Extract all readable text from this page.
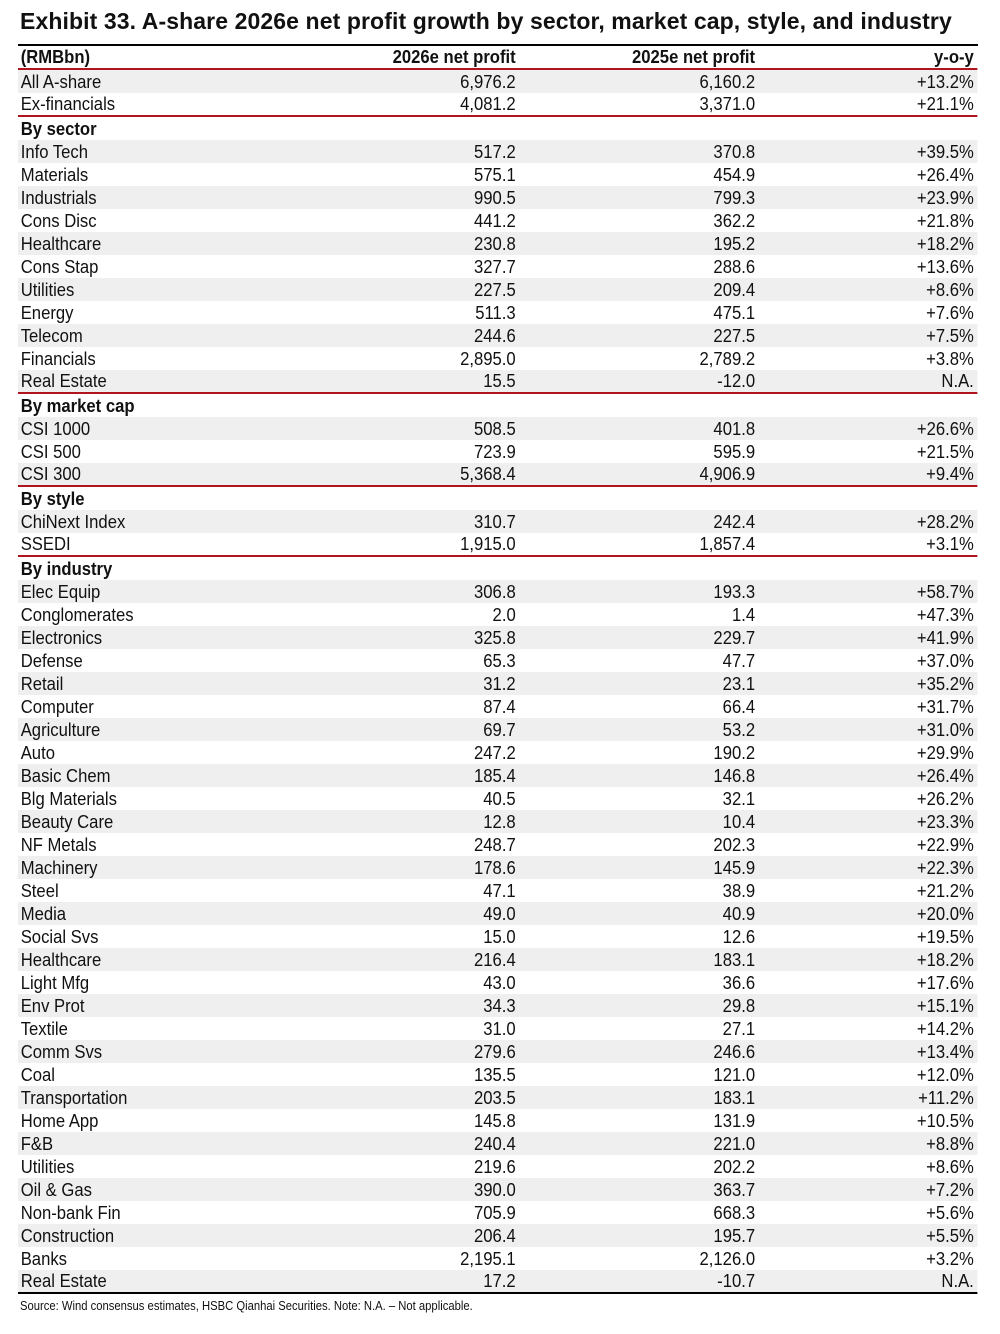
Exhibit 33. A-share 2026e net profit growth by sector, market cap, style, and industry
(RMBbn)	2026e net profit	2025e net profit	y-o-y
All A-share	6,976.2	6,160.2	+13.2%
Ex-financials	4,081.2	3,371.0	+21.1%
By sector
Info Tech	517.2	370.8	+39.5%
Materials	575.1	454.9	+26.4%
Industrials	990.5	799.3	+23.9%
Cons Disc	441.2	362.2	+21.8%
Healthcare	230.8	195.2	+18.2%
Cons Stap	327.7	288.6	+13.6%
Utilities	227.5	209.4	+8.6%
Energy	511.3	475.1	+7.6%
Telecom	244.6	227.5	+7.5%
Financials	2,895.0	2,789.2	+3.8%
Real Estate	15.5	-12.0	N.A.
By market cap
CSI 1000	508.5	401.8	+26.6%
CSI 500	723.9	595.9	+21.5%
CSI 300	5,368.4	4,906.9	+9.4%
By style
ChiNext Index	310.7	242.4	+28.2%
SSEDI	1,915.0	1,857.4	+3.1%
By industry
Elec Equip	306.8	193.3	+58.7%
Conglomerates	2.0	1.4	+47.3%
Electronics	325.8	229.7	+41.9%
Defense	65.3	47.7	+37.0%
Retail	31.2	23.1	+35.2%
Computer	87.4	66.4	+31.7%
Agriculture	69.7	53.2	+31.0%
Auto	247.2	190.2	+29.9%
Basic Chem	185.4	146.8	+26.4%
Blg Materials	40.5	32.1	+26.2%
Beauty Care	12.8	10.4	+23.3%
NF Metals	248.7	202.3	+22.9%
Machinery	178.6	145.9	+22.3%
Steel	47.1	38.9	+21.2%
Media	49.0	40.9	+20.0%
Social Svs	15.0	12.6	+19.5%
Healthcare	216.4	183.1	+18.2%
Light Mfg	43.0	36.6	+17.6%
Env Prot	34.3	29.8	+15.1%
Textile	31.0	27.1	+14.2%
Comm Svs	279.6	246.6	+13.4%
Coal	135.5	121.0	+12.0%
Transportation	203.5	183.1	+11.2%
Home App	145.8	131.9	+10.5%
F&B	240.4	221.0	+8.8%
Utilities	219.6	202.2	+8.6%
Oil & Gas	390.0	363.7	+7.2%
Non-bank Fin	705.9	668.3	+5.6%
Construction	206.4	195.7	+5.5%
Banks	2,195.1	2,126.0	+3.2%
Real Estate	17.2	-10.7	N.A.
Source: Wind consensus estimates, HSBC Qianhai Securities. Note: N.A. – Not applicable.
